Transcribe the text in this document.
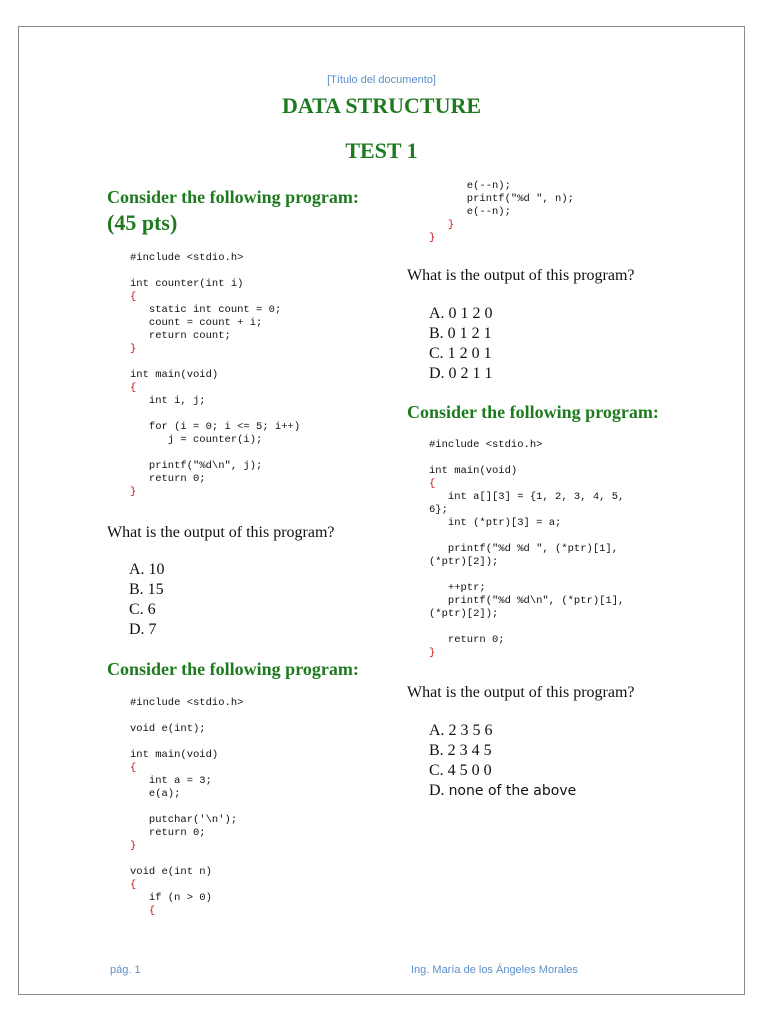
[Título del documento]
DATA STRUCTURE
TEST 1

Consider the following program:

(45 pts)
#include <stdio.h>

int counter(int i)
{
static int count = 0;
count = count + i;
return count;
}

int main(void)
{
int i, j;

for (i = 0; i <= 5; i++)
j = counter(i);

printf("%d\n", j);
return 0;
}

What is the output of this program?

A. 10
B. 15
C. 6
D. 7

Consider the following program:

#include <stdio.h>

void e(int);

int main(void)
{
int a = 3;
e(a);

putchar('\n');
return 0;
}

void e(int n)
{
if (n > 0)
{
e(--n);
printf("%d ", n);
e(--n);
}
}

What is the output of this program?

A. 0 1 2 0
B. 0 1 2 1
C. 1 2 0 1
D. 0 2 1 1

Consider the following program:

#include <stdio.h>

int main(void)
{
int a[][3] = {1, 2, 3, 4, 5,
6};
int (*ptr)[3] = a;

printf("%d %d ", (*ptr)[1],
(*ptr)[2]);

++ptr;
printf("%d %d\n", (*ptr)[1],
(*ptr)[2]);

return 0;
}

What is the output of this program?

A. 2 3 5 6
B. 2 3 4 5
C. 4 5 0 0
D. none of the above
pág. 1	Ing. María de los Ángeles Morales
